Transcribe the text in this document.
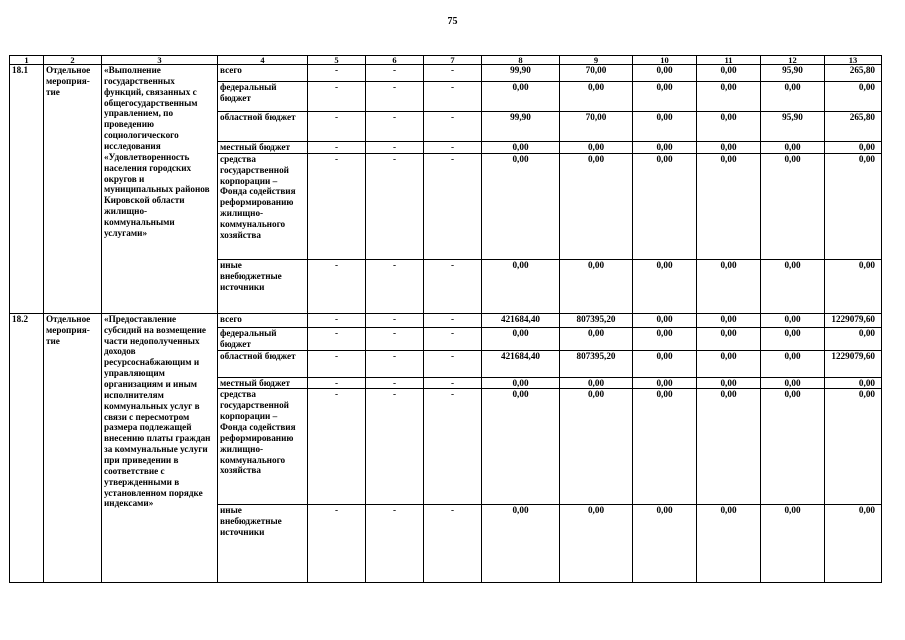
75
1	2	3	4	5	6	7	8	9	10	11	12	13
18.1	Отдельное мероприя-тие	«Выполнение государственных функций, связанных с общегосударственным управлением, по проведению социологического исследования «Удовлетворенность населения городских округов и муниципальных районов Кировской области жилищно-коммунальными услугами»	всего	-	-	-	99,90	70,00	0,00	0,00	95,90	265,80
			федеральный бюджет	-	-	-	0,00	0,00	0,00	0,00	0,00	0,00
			областной бюджет	-	-	-	99,90	70,00	0,00	0,00	95,90	265,80
			местный бюджет	-	-	-	0,00	0,00	0,00	0,00	0,00	0,00
			средства государственной корпорации – Фонда содействия реформированию жилищно-коммунального хозяйства	-	-	-	0,00	0,00	0,00	0,00	0,00	0,00
			иные внебюджетные источники	-	-	-	0,00	0,00	0,00	0,00	0,00	0,00
18.2	Отдельное мероприя-тие	«Предоставление субсидий на возмещение части недополученных доходов ресурсоснабжающим и управляющим организациям и иным исполнителям коммунальных услуг в связи с пересмотром размера подлежащей внесению платы граждан за коммунальные услуги при приведении в соответствие с утвержденными в установленном порядке индексами»	всего	-	-	-	421684,40	807395,20	0,00	0,00	0,00	1229079,60
			федеральный бюджет	-	-	-	0,00	0,00	0,00	0,00	0,00	0,00
			областной бюджет	-	-	-	421684,40	807395,20	0,00	0,00	0,00	1229079,60
			местный бюджет	-	-	-	0,00	0,00	0,00	0,00	0,00	0,00
			средства государственной корпорации – Фонда содействия реформированию жилищно-коммунального хозяйства	-	-	-	0,00	0,00	0,00	0,00	0,00	0,00
			иные внебюджетные источники	-	-	-	0,00	0,00	0,00	0,00	0,00	0,00
